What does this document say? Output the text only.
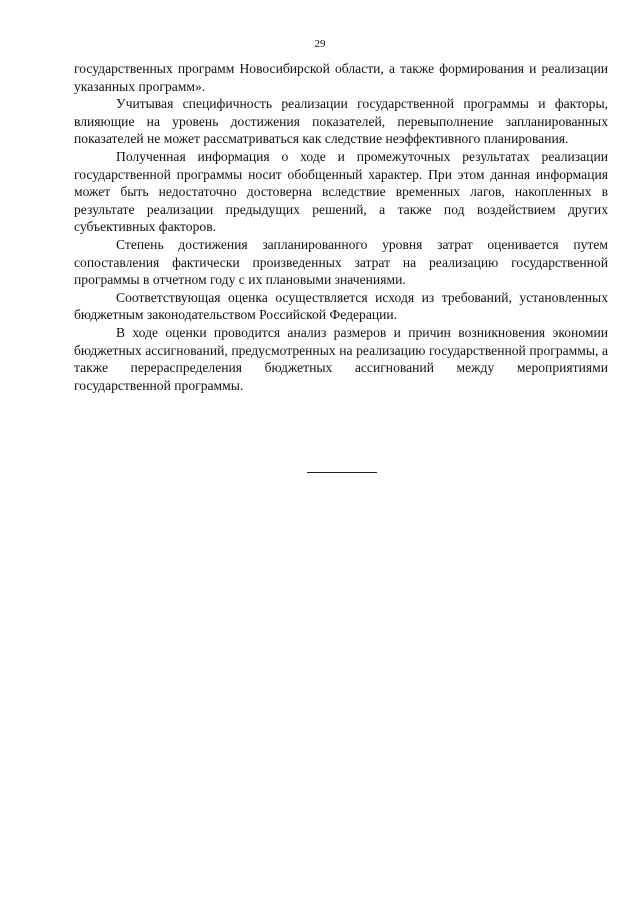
29

государственных программ Новосибирской области, а также формирования и реализации указанных программ».

Учитывая специфичность реализации государственной программы и факторы, влияющие на уровень достижения показателей, перевыполнение запланированных показателей не может рассматриваться как следствие неэффективного планирования.

Полученная информация о ходе и промежуточных результатах реализации государственной программы носит обобщенный характер. При этом данная информация может быть недостаточно достоверна вследствие временных лагов, накопленных в результате реализации предыдущих решений, а также под воздействием других субъективных факторов.

Степень достижения запланированного уровня затрат оценивается путем сопоставления фактически произведенных затрат на реализацию государственной программы в отчетном году с их плановыми значениями.

Соответствующая оценка осуществляется исходя из требований, установленных бюджетным законодательством Российской Федерации.

В ходе оценки проводится анализ размеров и причин возникновения экономии бюджетных ассигнований, предусмотренных на реализацию государственной программы, а также перераспределения бюджетных ассигнований между мероприятиями государственной программы.
